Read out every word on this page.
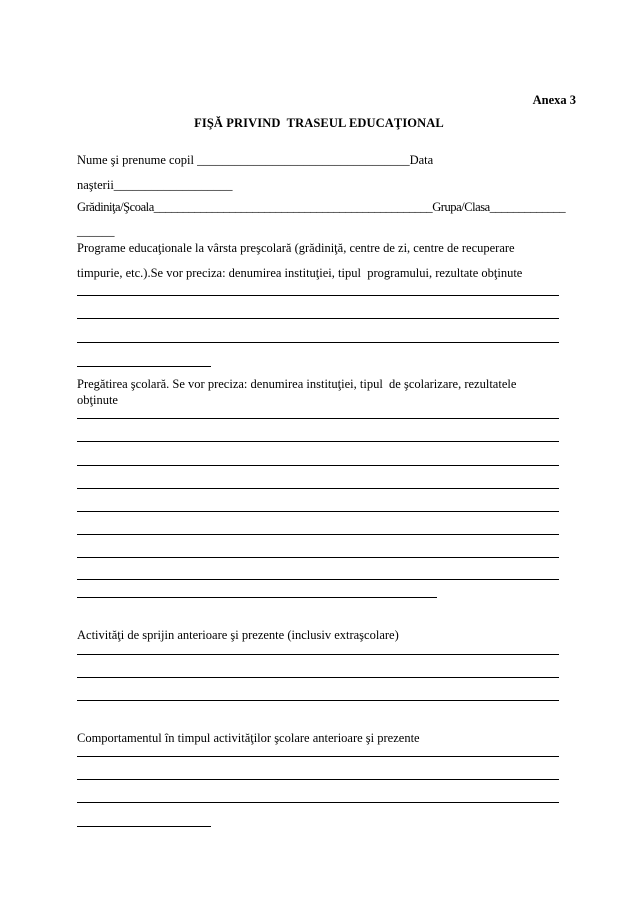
Anexa 3
FIŞĂ PRIVIND  TRASEUL EDUCAŢIONAL
Nume şi prenume copil __________________________________Data
naşterii___________________
Grădiniţa/Şcoala________________________________________________Grupa/Clasa_____________
______
Programe educaţionale la vârsta preşcolară (grădiniţă, centre de zi, centre de recuperare
timpurie, etc.).Se vor preciza: denumirea instituţiei, tipul  programului, rezultate obţinute
Pregătirea şcolară. Se vor preciza: denumirea instituţiei, tipul  de şcolarizare, rezultatele
obţinute
Activităţi de sprijin anterioare şi prezente (inclusiv extraşcolare)
Comportamentul în timpul activităţilor şcolare anterioare şi prezente
